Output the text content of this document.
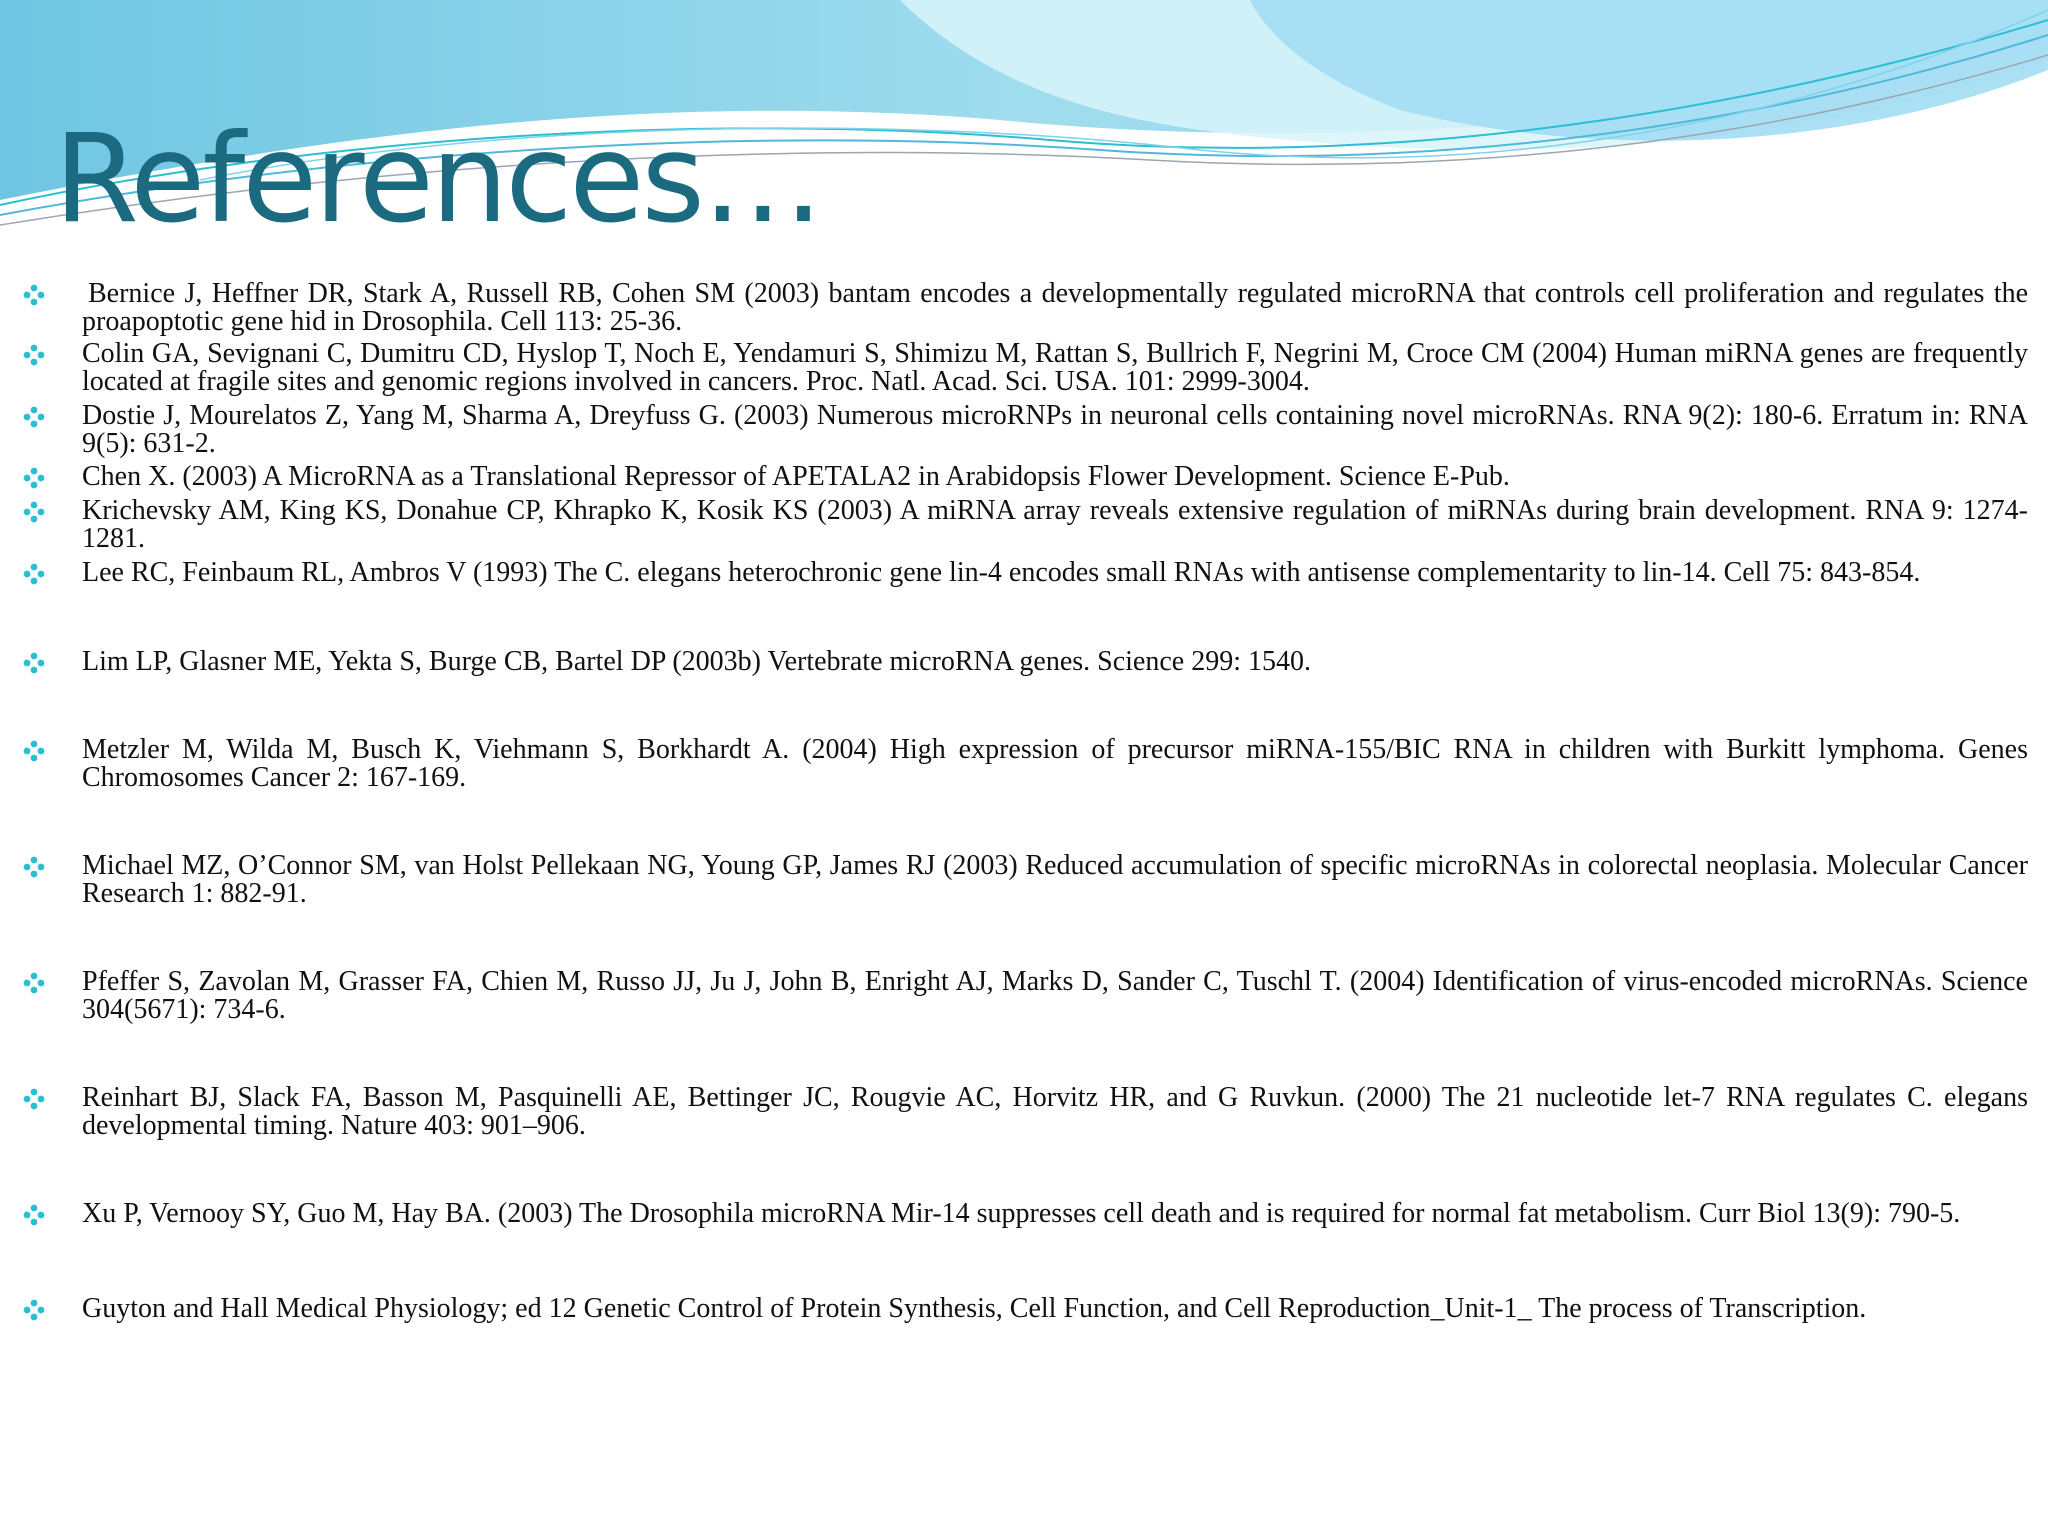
References…
Bernice J, Heffner DR, Stark A, Russell RB, Cohen SM (2003) bantam encodes a developmentally regulated microRNA that controls cell proliferation and regulates the proapoptotic gene hid in Drosophila. Cell 113: 25-36.
Colin GA, Sevignani C, Dumitru CD, Hyslop T, Noch E, Yendamuri S, Shimizu M, Rattan S, Bullrich F, Negrini M, Croce CM (2004) Human miRNA genes are frequently located at fragile sites and genomic regions involved in cancers. Proc. Natl. Acad. Sci. USA. 101: 2999-3004.
Dostie J, Mourelatos Z, Yang M, Sharma A, Dreyfuss G. (2003) Numerous microRNPs in neuronal cells containing novel microRNAs. RNA 9(2): 180-6. Erratum in: RNA 9(5): 631-2.
Chen X. (2003) A MicroRNA as a Translational Repressor of APETALA2 in Arabidopsis Flower Development. Science E-Pub.
Krichevsky AM, King KS, Donahue CP, Khrapko K, Kosik KS (2003) A miRNA array reveals extensive regulation of miRNAs during brain development. RNA 9: 1274-1281.
Lee RC, Feinbaum RL, Ambros V (1993) The C. elegans heterochronic gene lin-4 encodes small RNAs with antisense complementarity to lin-14. Cell 75: 843-854.
Lim LP, Glasner ME, Yekta S, Burge CB, Bartel DP (2003b) Vertebrate microRNA genes. Science 299: 1540.
Metzler M, Wilda M, Busch K, Viehmann S, Borkhardt A. (2004) High expression of precursor miRNA-155/BIC RNA in children with Burkitt lymphoma. Genes Chromosomes Cancer 2: 167-169.
Michael MZ, O’Connor SM, van Holst Pellekaan NG, Young GP, James RJ (2003) Reduced accumulation of specific microRNAs in colorectal neoplasia. Molecular Cancer Research 1: 882-91.
Pfeffer S, Zavolan M, Grasser FA, Chien M, Russo JJ, Ju J, John B, Enright AJ, Marks D, Sander C, Tuschl T. (2004) Identification of virus-encoded microRNAs. Science 304(5671): 734-6.
Reinhart BJ, Slack FA, Basson M, Pasquinelli AE, Bettinger JC, Rougvie AC, Horvitz HR, and G Ruvkun. (2000) The 21 nucleotide let-7 RNA regulates C. elegans developmental timing. Nature 403: 901–906.
Xu P, Vernooy SY, Guo M, Hay BA. (2003) The Drosophila microRNA Mir-14 suppresses cell death and is required for normal fat metabolism. Curr Biol 13(9): 790-5.
Guyton and Hall Medical Physiology; ed 12 Genetic Control of Protein Synthesis, Cell Function, and Cell Reproduction_Unit-1_ The process of Transcription.
